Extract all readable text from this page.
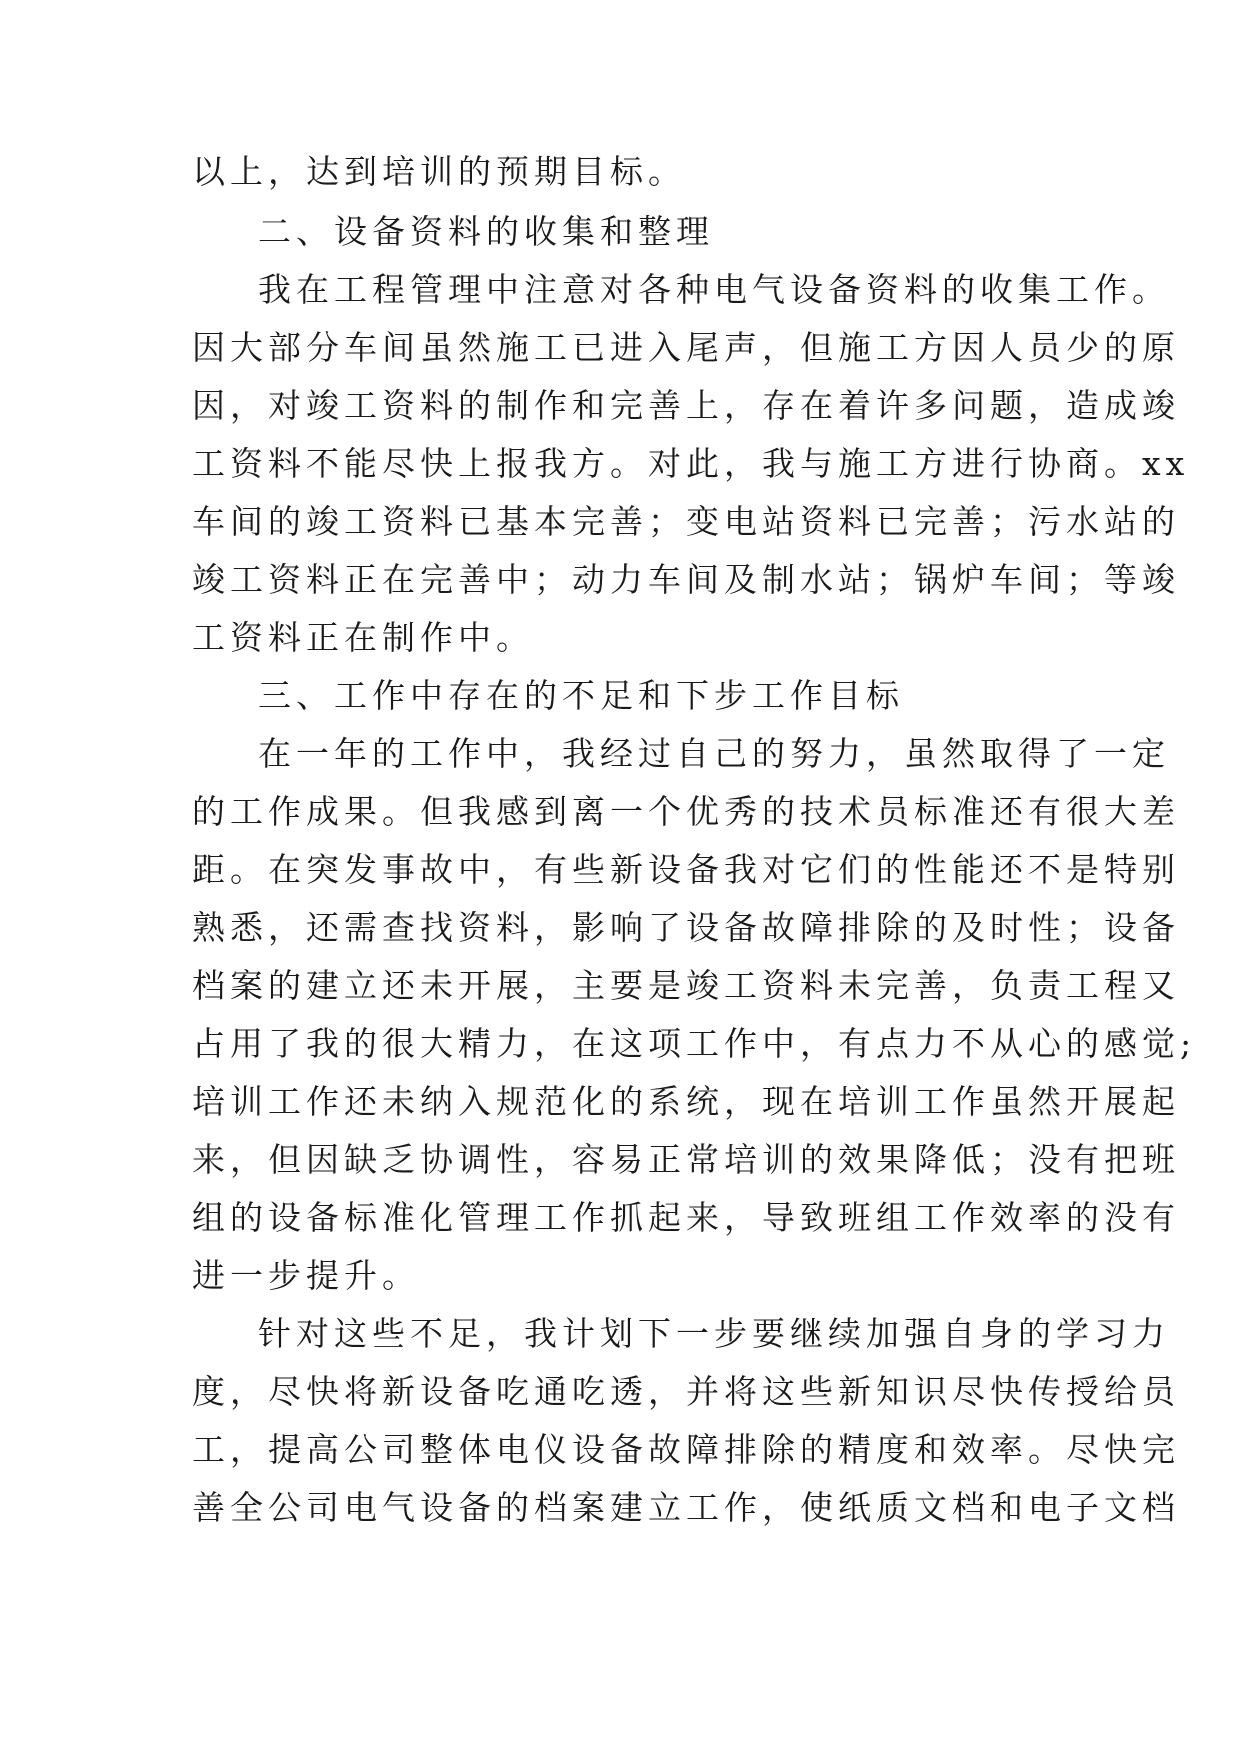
以上，达到培训的预期目标。
二、设备资料的收集和整理
我在工程管理中注意对各种电气设备资料的收集工作。
因大部分车间虽然施工已进入尾声，但施工方因人员少的原
因，对竣工资料的制作和完善上，存在着许多问题，造成竣
工资料不能尽快上报我方。对此，我与施工方进行协商。xx
车间的竣工资料已基本完善；变电站资料已完善；污水站的
竣工资料正在完善中；动力车间及制水站；锅炉车间；等竣
工资料正在制作中。
三、工作中存在的不足和下步工作目标
在一年的工作中，我经过自己的努力，虽然取得了一定
的工作成果。但我感到离一个优秀的技术员标准还有很大差
距。在突发事故中，有些新设备我对它们的性能还不是特别
熟悉，还需查找资料，影响了设备故障排除的及时性；设备
档案的建立还未开展，主要是竣工资料未完善，负责工程又
占用了我的很大精力，在这项工作中，有点力不从心的感觉;
培训工作还未纳入规范化的系统，现在培训工作虽然开展起
来，但因缺乏协调性，容易正常培训的效果降低；没有把班
组的设备标准化管理工作抓起来，导致班组工作效率的没有
进一步提升。
针对这些不足，我计划下一步要继续加强自身的学习力
度，尽快将新设备吃通吃透，并将这些新知识尽快传授给员
工，提高公司整体电仪设备故障排除的精度和效率。尽快完
善全公司电气设备的档案建立工作，使纸质文档和电子文档
